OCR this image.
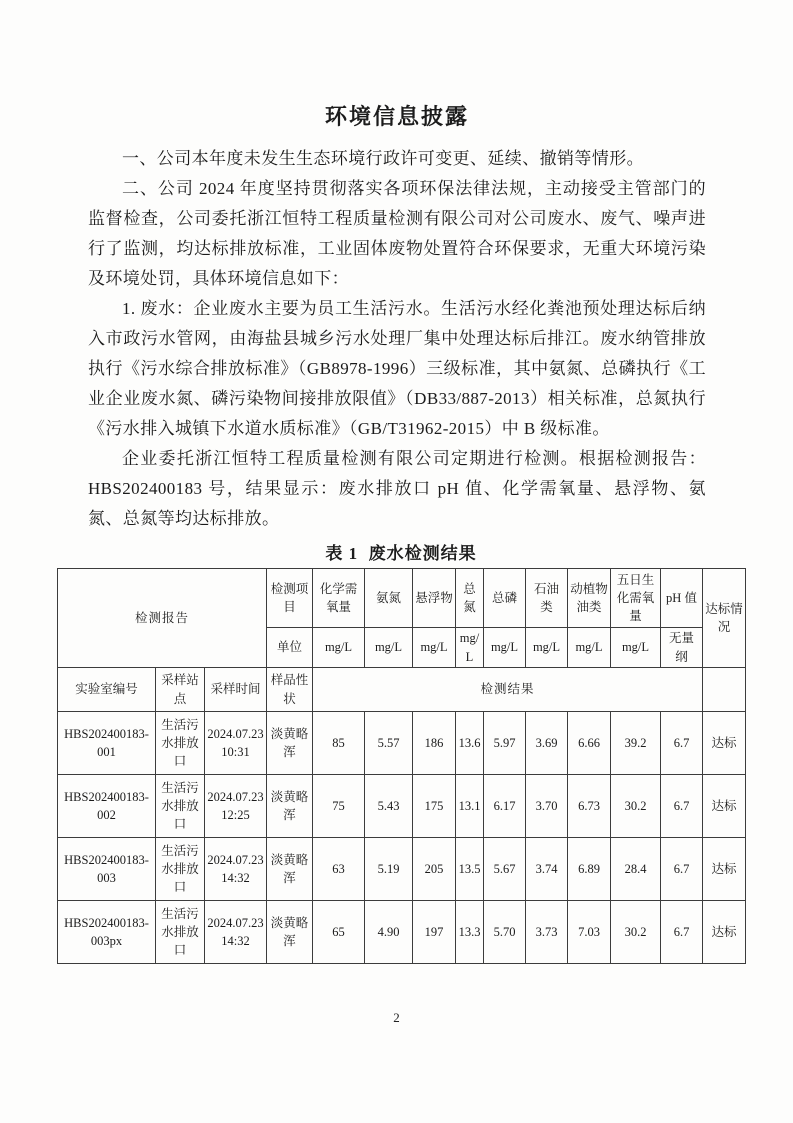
环境信息披露

一、公司本年度未发生生态环境行政许可变更、延续、撤销等情形。

二、公司 2024 年度坚持贯彻落实各项环保法律法规，主动接受主管部门的监督检查，公司委托浙江恒特工程质量检测有限公司对公司废水、废气、噪声进行了监测，均达标排放标准，工业固体废物处置符合环保要求，无重大环境污染及环境处罚，具体环境信息如下：

1. 废水：企业废水主要为员工生活污水。生活污水经化粪池预处理达标后纳入市政污水管网，由海盐县城乡污水处理厂集中处理达标后排江。废水纳管排放执行《污水综合排放标准》（GB8978-1996）三级标准，其中氨氮、总磷执行《工业企业废水氮、磷污染物间接排放限值》（DB33/887-2013）相关标准，总氮执行《污水排入城镇下水道水质标准》（GB/T31962-2015）中 B 级标准。

企业委托浙江恒特工程质量检测有限公司定期进行检测。根据检测报告：HBS202400183 号，结果显示：废水排放口 pH 值、化学需氧量、悬浮物、氨氮、总氮等均达标排放。

表 1  废水检测结果
检测报告			检测项目	化学需氧量	氨氮	悬浮物	总氮	总磷	石油类	动植物油类	五日生化需氧量	pH 值	达标情况
			单位	mg/L	mg/L	mg/L	mg/L	mg/L	mg/L	mg/L	mg/L	无量纲	
实验室编号	采样站点	采样时间	样品性状	检测结果									
HBS202400183-001	生活污水排放口	2024.07.23 10:31	淡黄略浑	85	5.57	186	13.6	5.97	3.69	6.66	39.2	6.7	达标
HBS202400183-002	生活污水排放口	2024.07.23 12:25	淡黄略浑	75	5.43	175	13.1	6.17	3.70	6.73	30.2	6.7	达标
HBS202400183-003	生活污水排放口	2024.07.23 14:32	淡黄略浑	63	5.19	205	13.5	5.67	3.74	6.89	28.4	6.7	达标
HBS202400183-003px	生活污水排放口	2024.07.23 14:32	淡黄略浑	65	4.90	197	13.3	5.70	3.73	7.03	30.2	6.7	达标
2
